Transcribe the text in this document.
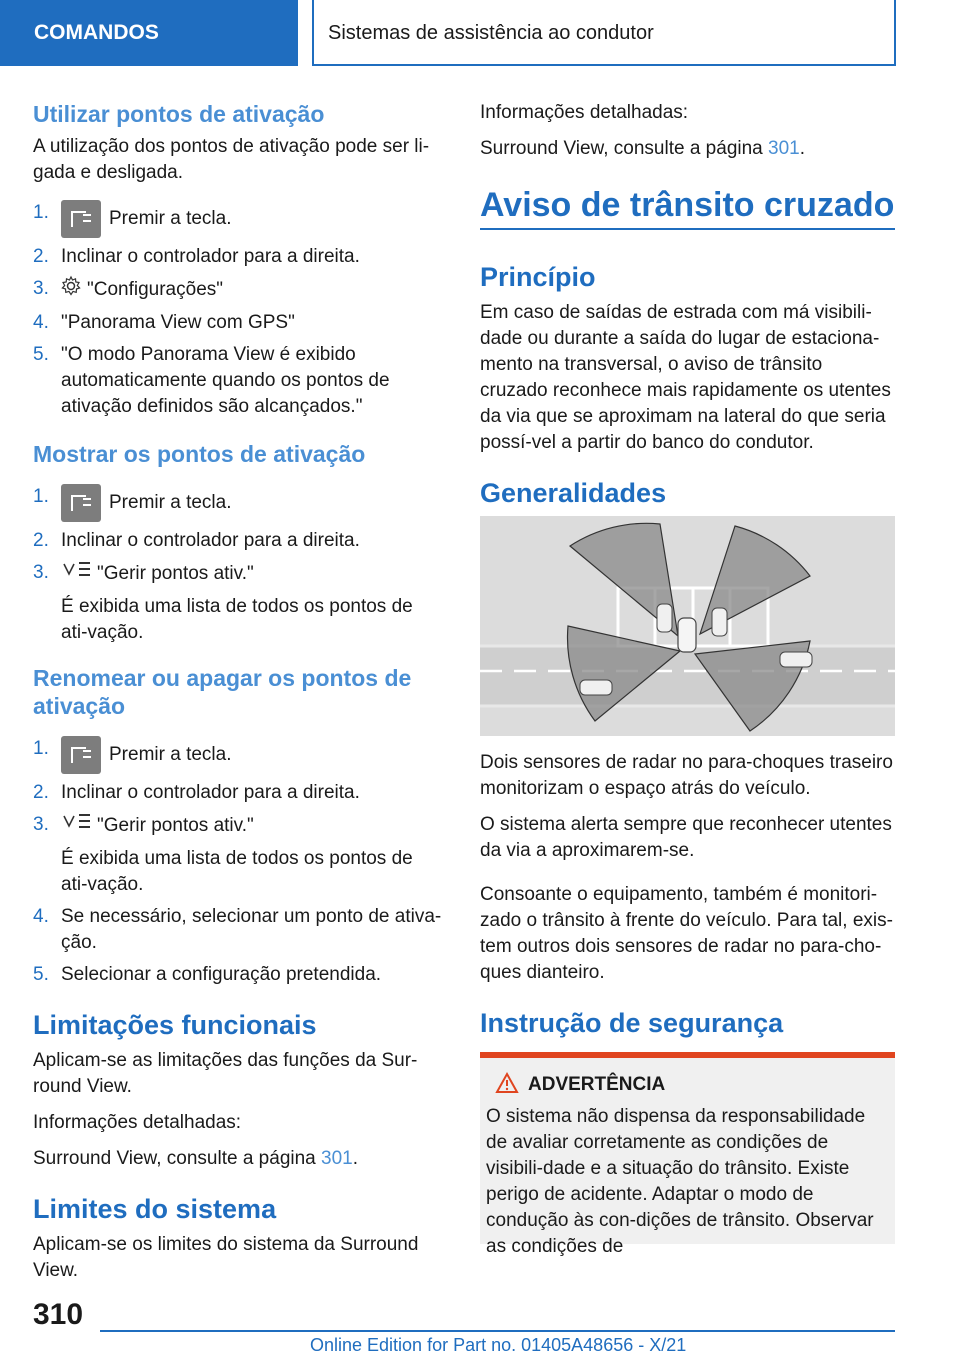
COMANDOS	Sistemas de assistência ao condutor
Utilizar pontos de ativação

A utilização dos pontos de ativação pode ser li-gada e desligada.

1.	Premir a tecla.
2. Inclinar o controlador para a direita.
3. "Configurações"
4. "Panorama View com GPS"
5. "O modo Panorama View é exibido automaticamente quando os pontos de ativação definidos são alcançados."
Mostrar os pontos de ativação
1.	Premir a tecla.
2. Inclinar o controlador para a direita.
3.	"Gerir pontos ativ."
É exibida uma lista de todos os pontos de ati-vação.
Renomear ou apagar os pontos de ativação
1.	Premir a tecla.
2. Inclinar o controlador para a direita.
3.	"Gerir pontos ativ."
É exibida uma lista de todos os pontos de ati-vação.
4. Se necessário, selecionar um ponto de ativa-ção.
5. Selecionar a configuração pretendida.
Limitações funcionais

Aplicam-se as limitações das funções da Sur-round View.

Informações detalhadas:

Surround View, consulte a página 301.

Limites do sistema

Aplicam-se os limites do sistema da Surround View.

Informações detalhadas:

Surround View, consulte a página 301.

Aviso de trânsito cruzado
Princípio

Em caso de saídas de estrada com má visibili-dade ou durante a saída do lugar de estaciona-mento na transversal, o aviso de trânsito cruzado reconhece mais rapidamente os utentes da via que se aproximam na lateral do que seria possí-vel a partir do banco do condutor.

Generalidades

Dois sensores de radar no para-choques traseiro monitorizam o espaço atrás do veículo.

O sistema alerta sempre que reconhecer utentes da via a aproximarem-se.

Consoante o equipamento, também é monitori-zado o trânsito à frente do veículo. Para tal, exis-tem outros dois sensores de radar no para-cho-ques dianteiro.

Instrução de segurança
ADVERTÊNCIA

O sistema não dispensa da responsabilidade de avaliar corretamente as condições de visibili-dade e a situação do trânsito. Existe perigo de acidente. Adaptar o modo de condução às con-dições de trânsito. Observar as condições de

310
Online Edition for Part no. 01405A48656 - X/21
